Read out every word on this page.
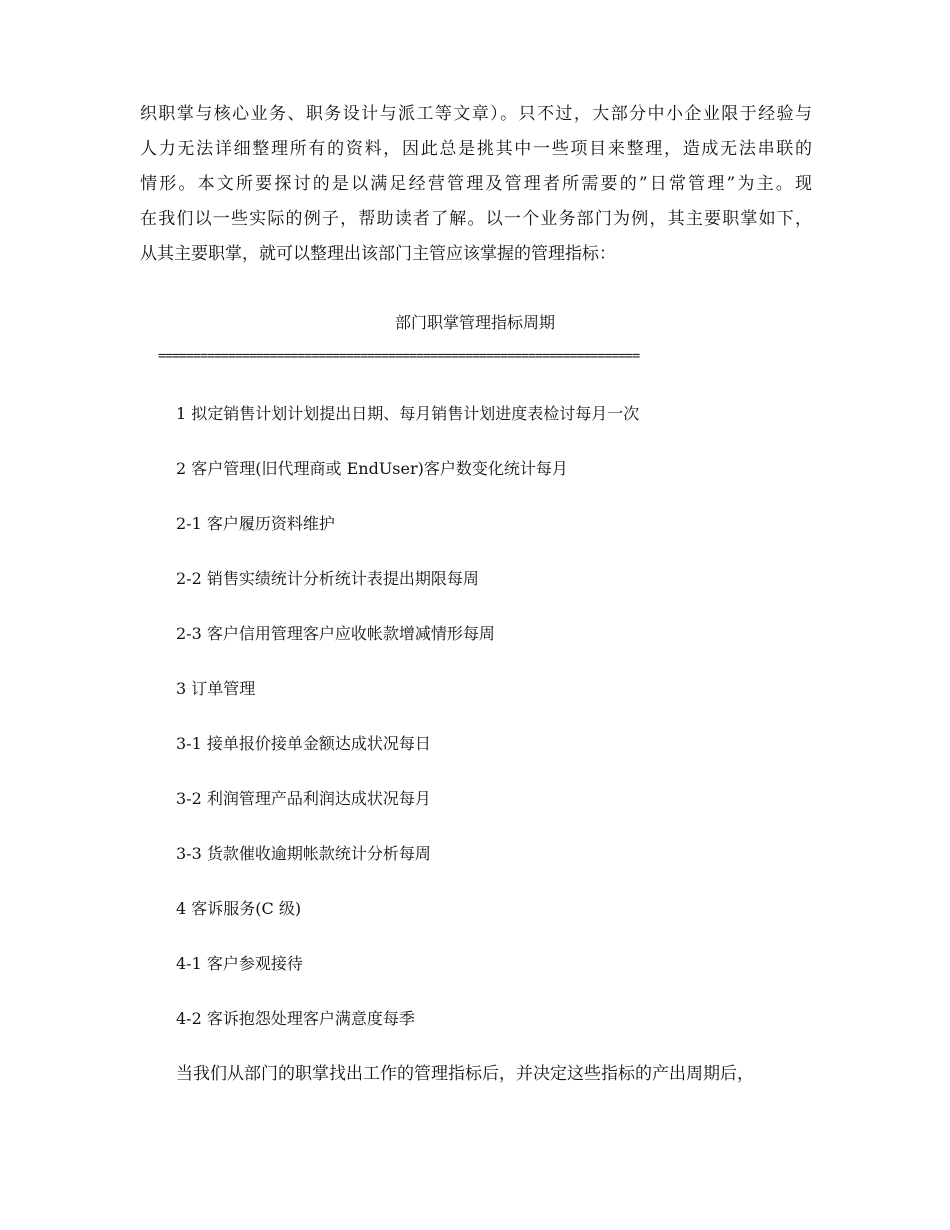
织职掌与核心业务、职务设计与派工等文章）。只不过，大部分中小企业限于经验与
人力无法详细整理所有的资料，因此总是挑其中一些项目来整理，造成无法串联的
情形。本文所要探讨的是以满足经营管理及管理者所需要的”日常管理”为主。现
在我们以一些实际的例子，帮助读者了解。以一个业务部门为例，其主要职掌如下，
从其主要职掌，就可以整理出该部门主管应该掌握的管理指标：
部门职掌管理指标周期
=====================================================================
1 拟定销售计划计划提出日期、每月销售计划进度表检讨每月一次
2 客户管理(旧代理商或 EndUser)客户数变化统计每月
2-1 客户履历资料维护
2-2 销售实绩统计分析统计表提出期限每周
2-3 客户信用管理客户应收帐款增减情形每周
3 订单管理
3-1 接单报价接单金额达成状况每日
3-2 利润管理产品利润达成状况每月
3-3 货款催收逾期帐款统计分析每周
4 客诉服务(C 级)
4-1 客户参观接待
4-2 客诉抱怨处理客户满意度每季
当我们从部门的职掌找出工作的管理指标后，并决定这些指标的产出周期后，
